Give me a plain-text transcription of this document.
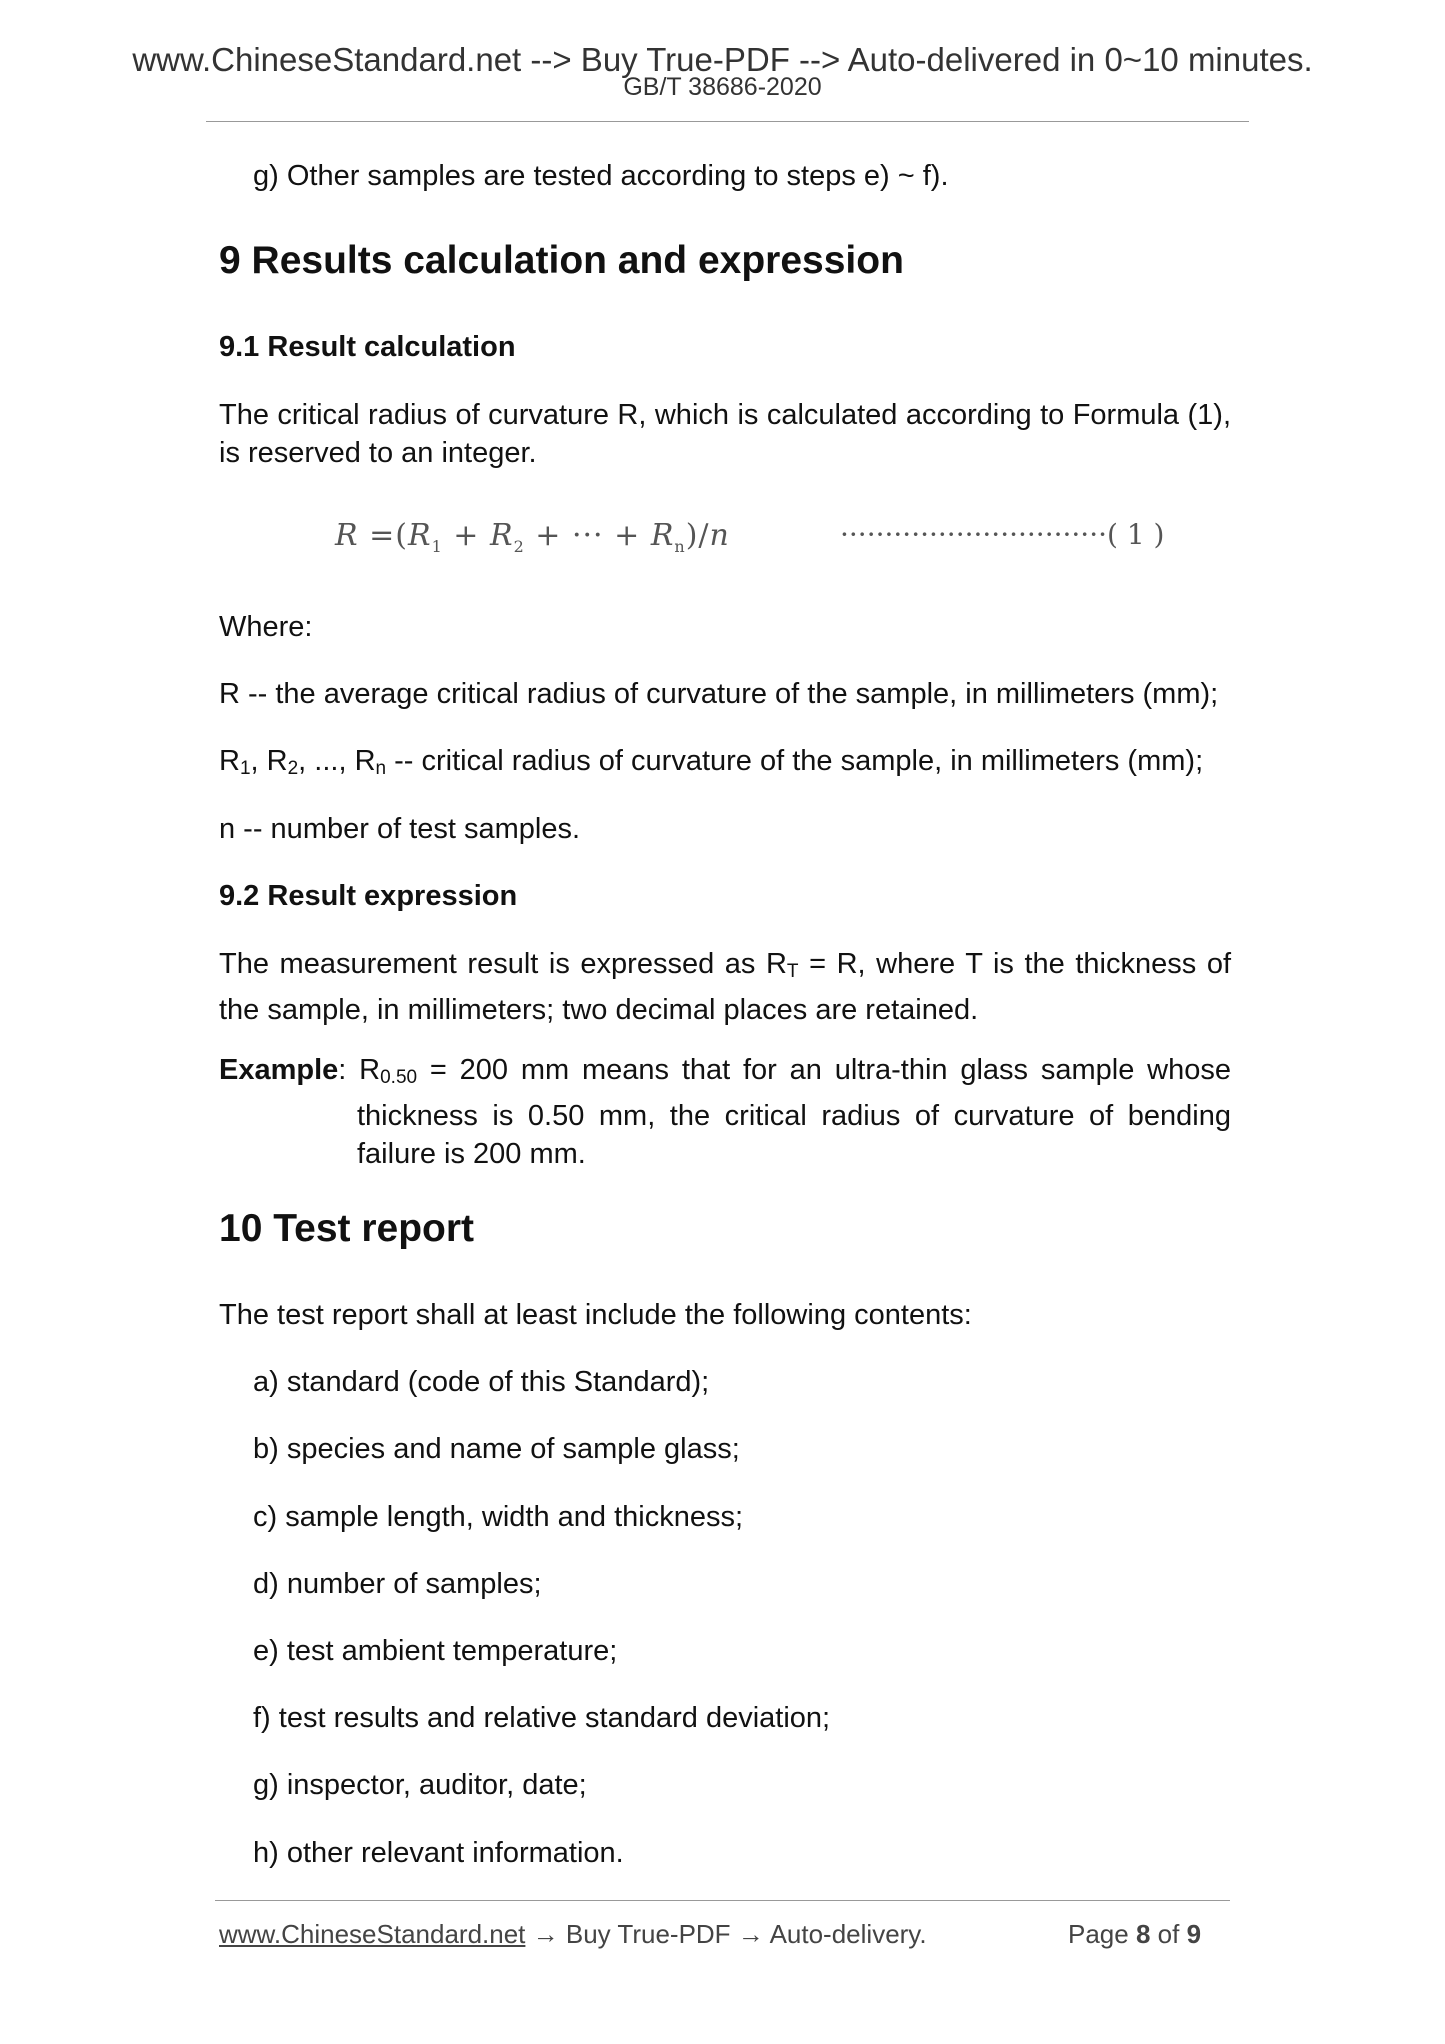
www.ChineseStandard.net --> Buy True-PDF --> Auto-delivered in 0~10 minutes.
GB/T 38686-2020
g) Other samples are tested according to steps e) ~ f).
9 Results calculation and expression
9.1 Result calculation
The critical radius of curvature R, which is calculated according to Formula (1), is reserved to an integer.
$R =(R_1 + R_2$ + ··· + $R_n)/n$	······························( 1 )
Where:
R -- the average critical radius of curvature of the sample, in millimeters (mm);
$R_1$, $R_2$, ..., $R_n$ -- critical radius of curvature of the sample, in millimeters (mm);
n -- number of test samples.
9.2 Result expression
The measurement result is expressed as $R_T = R$, where T is the thickness of the sample, in millimeters; two decimal places are retained.
Example: $R_{0.50} = 200$ mm means that for an ultra-thin glass sample whose
thickness is 0.50 mm, the critical radius of curvature of bending
failure is 200 mm.
10 Test report
The test report shall at least include the following contents:
a) standard (code of this Standard);
b) species and name of sample glass;
c) sample length, width and thickness;
d) number of samples;
e) test ambient temperature;
f) test results and relative standard deviation;
g) inspector, auditor, date;
h) other relevant information.
www.ChineseStandard.net → Buy True-PDF → Auto-delivery.	Page 8 of 9
